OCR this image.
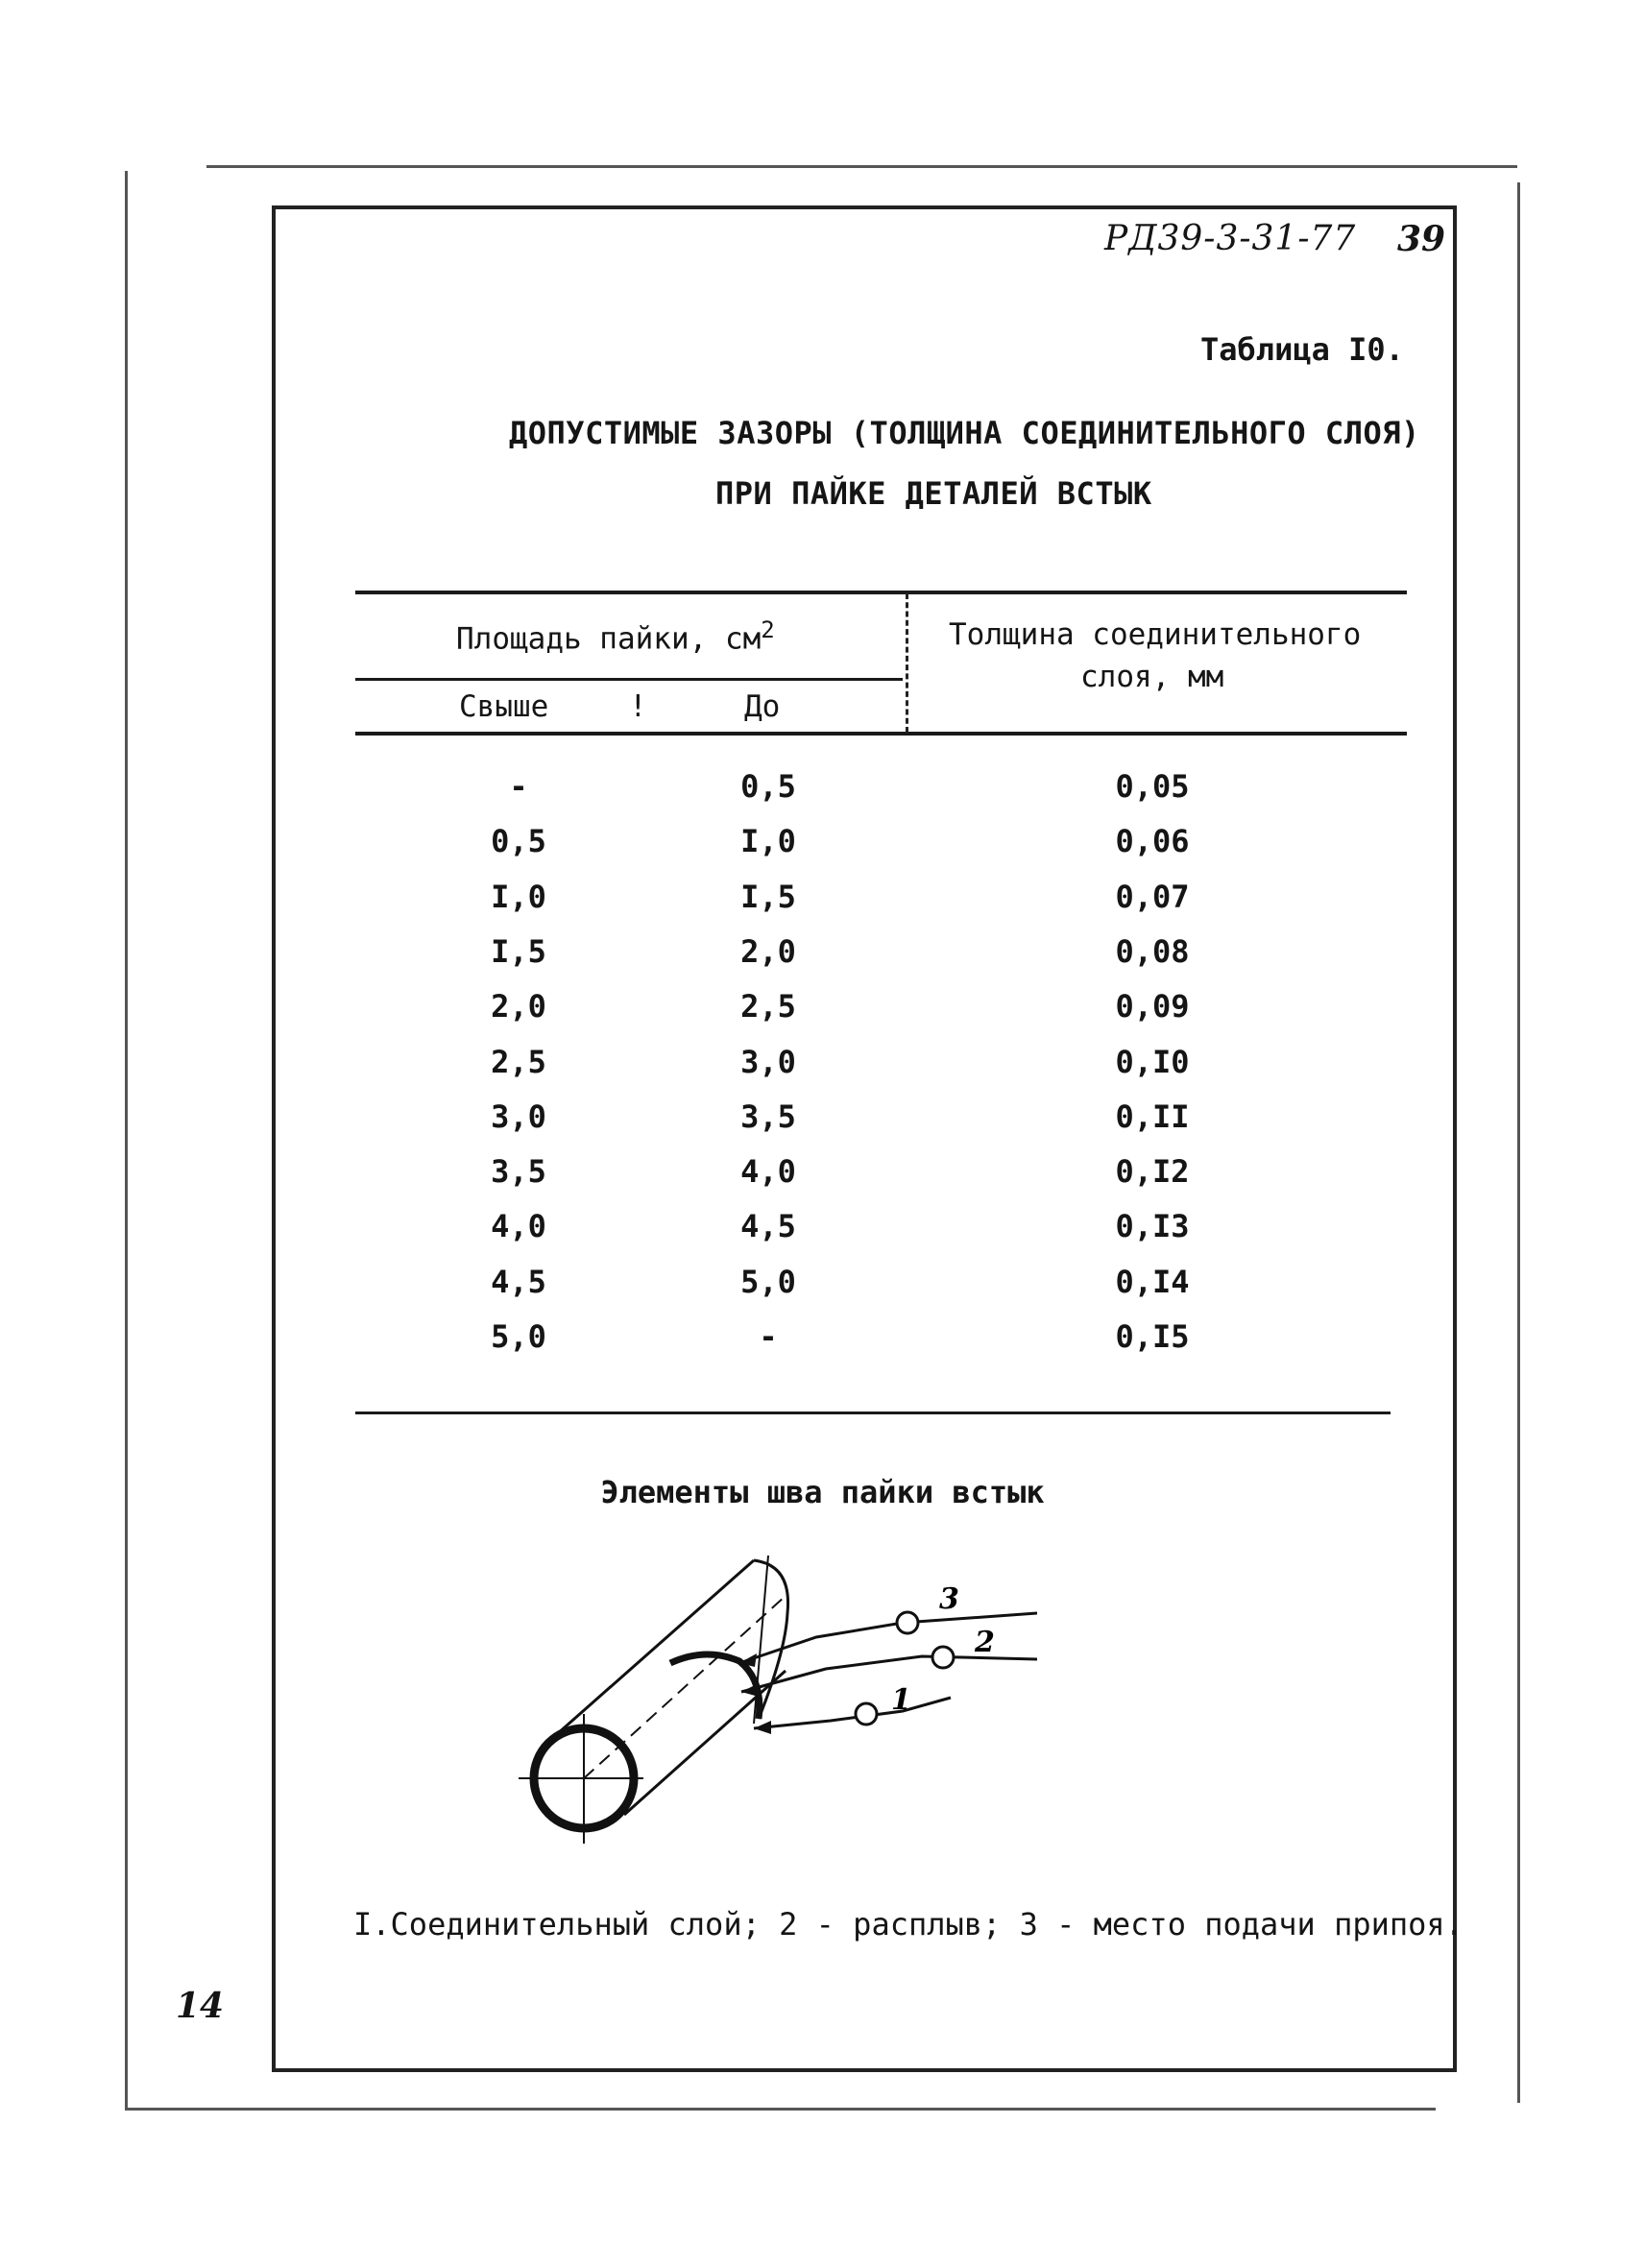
РД39-3-31-77 39
Таблица I0.
ДОПУСТИМЫЕ ЗАЗОРЫ (ТОЛЩИНА СОЕДИНИТЕЛЬНОГО СЛОЯ)
ПРИ ПАЙКЕ ДЕТАЛЕЙ ВСТЫК
Площадь пайки, $см^2$
Свыше	!	До
Толщина соединительного
слоя, мм
-	0,5	0,05
0,5	I,0	0,06
I,0	I,5	0,07
I,5	2,0	0,08
2,0	2,5	0,09
2,5	3,0	0,I0
3,0	3,5	0,II
3,5	4,0	0,I2
4,0	4,5	0,I3
4,5	5,0	0,I4
5,0	-	0,I5
Элементы шва пайки встык
3
2
1
I.Соединительный слой; 2 - расплыв; 3 - место подачи припоя.
14
